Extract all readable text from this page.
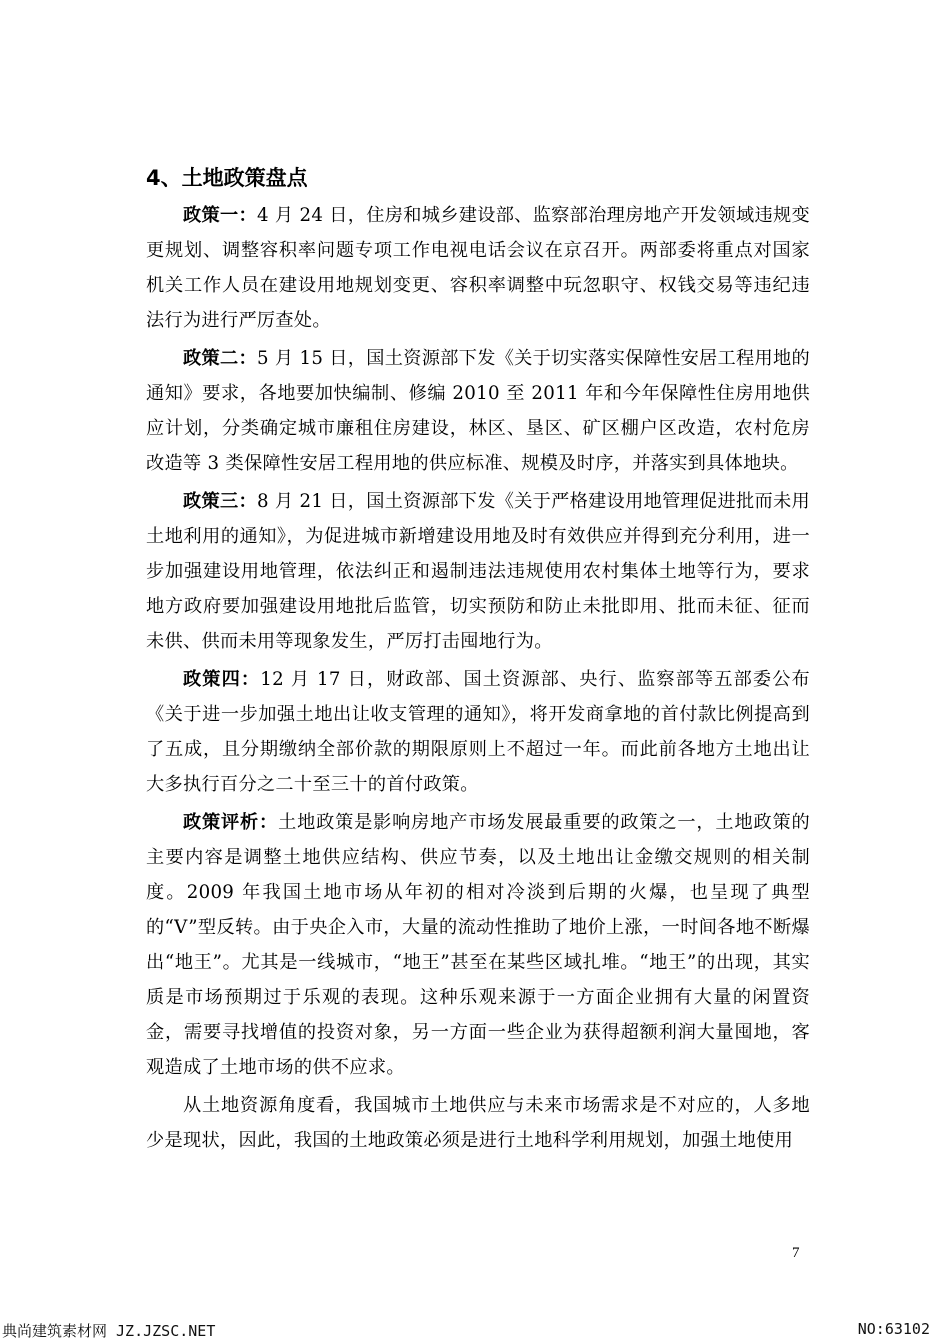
4、土地政策盘点

政策一：4 月 24 日，住房和城乡建设部、监察部治理房地产开发领域违规变更规划、调整容积率问题专项工作电视电话会议在京召开。两部委将重点对国家机关工作人员在建设用地规划变更、容积率调整中玩忽职守、权钱交易等违纪违法行为进行严厉查处。

政策二：5 月 15 日，国土资源部下发《关于切实落实保障性安居工程用地的通知》要求，各地要加快编制、修编 2010 至 2011 年和今年保障性住房用地供应计划，分类确定城市廉租住房建设，林区、垦区、矿区棚户区改造，农村危房改造等 3 类保障性安居工程用地的供应标准、规模及时序，并落实到具体地块。

政策三：8 月 21 日，国土资源部下发《关于严格建设用地管理促进批而未用土地利用的通知》，为促进城市新增建设用地及时有效供应并得到充分利用，进一步加强建设用地管理，依法纠正和遏制违法违规使用农村集体土地等行为，要求地方政府要加强建设用地批后监管，切实预防和防止未批即用、批而未征、征而未供、供而未用等现象发生，严厉打击囤地行为。

政策四：12 月 17 日，财政部、国土资源部、央行、监察部等五部委公布《关于进一步加强土地出让收支管理的通知》，将开发商拿地的首付款比例提高到了五成，且分期缴纳全部价款的期限原则上不超过一年。而此前各地方土地出让大多执行百分之二十至三十的首付政策。

政策评析：土地政策是影响房地产市场发展最重要的政策之一，土地政策的主要内容是调整土地供应结构、供应节奏，以及土地出让金缴交规则的相关制度。2009 年我国土地市场从年初的相对冷淡到后期的火爆，也呈现了典型的“V”型反转。由于央企入市，大量的流动性推助了地价上涨，一时间各地不断爆出“地王”。尤其是一线城市，“地王”甚至在某些区域扎堆。“地王”的出现，其实质是市场预期过于乐观的表现。这种乐观来源于一方面企业拥有大量的闲置资金，需要寻找增值的投资对象，另一方面一些企业为获得超额利润大量囤地，客观造成了土地市场的供不应求。

从土地资源角度看，我国城市土地供应与未来市场需求是不对应的，人多地少是现状，因此，我国的土地政策必须是进行土地科学利用规划，加强土地使用

7
典尚建筑素材网 JZ.JZSC.NET	NO:63102
